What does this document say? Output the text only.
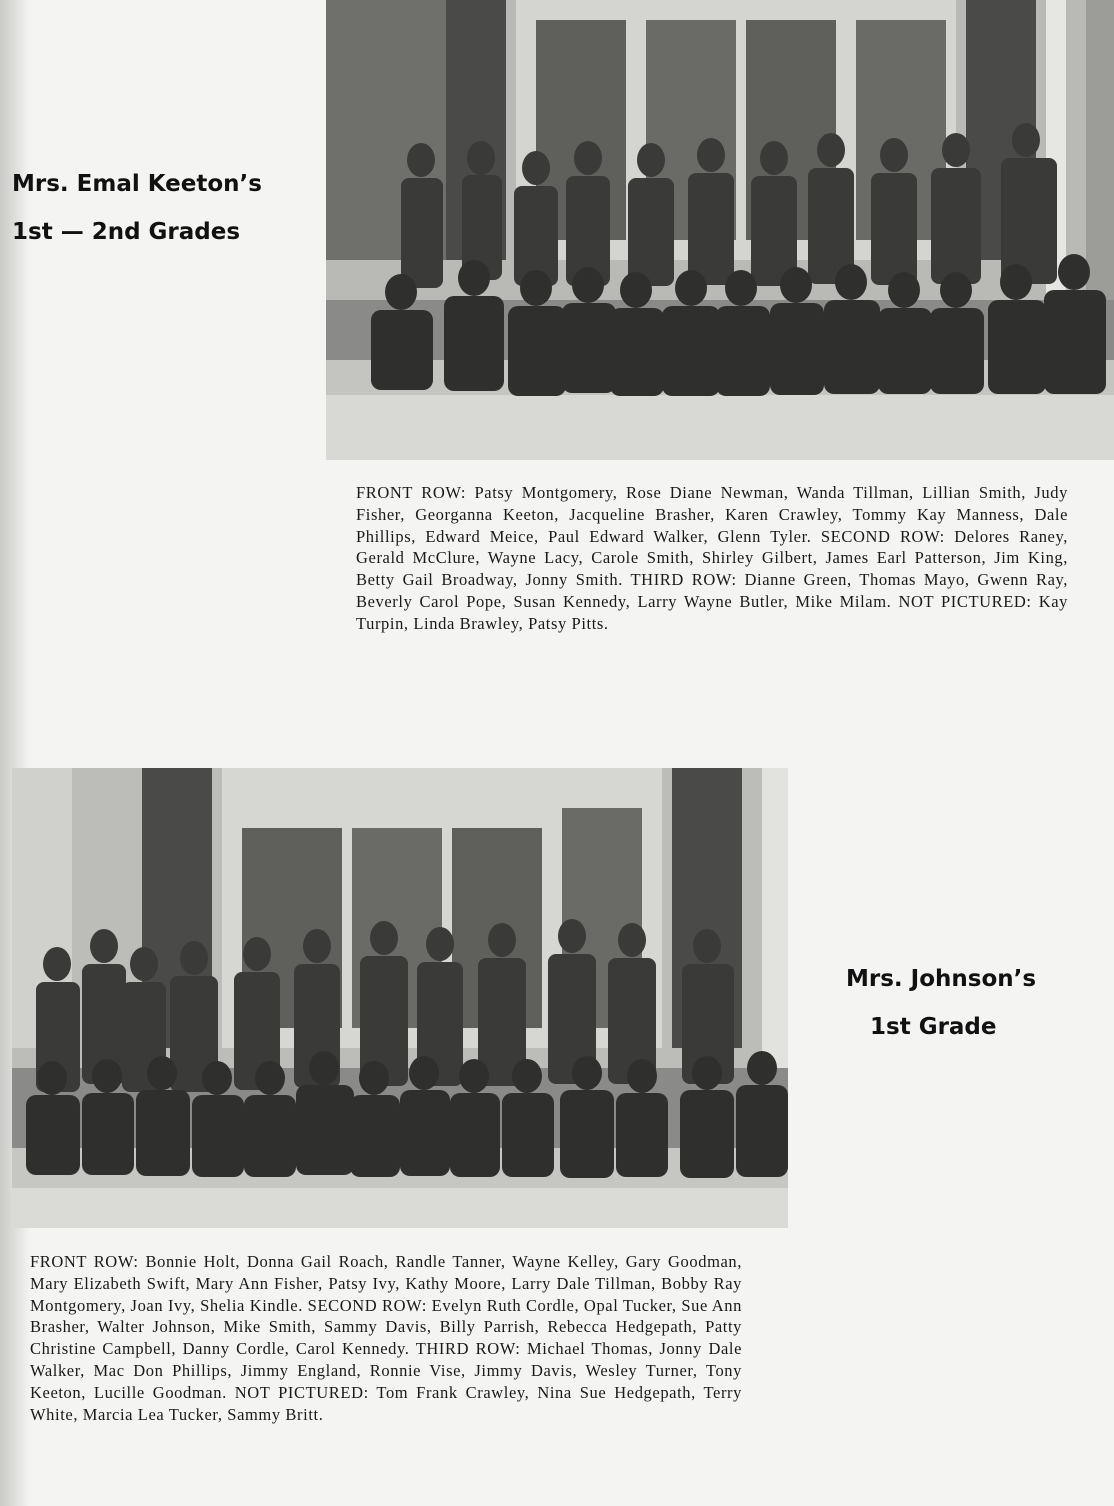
Mrs. Emal Keeton’s
1st — 2nd Grades
FRONT ROW: Patsy Montgomery, Rose Diane Newman, Wanda Tillman, Lillian Smith, Judy Fisher, Georganna Keeton, Jacqueline Brasher, Karen Crawley, Tommy Kay Manness, Dale Phillips, Edward Meice, Paul Edward Walker, Glenn Tyler. SECOND ROW: Delores Raney, Gerald McClure, Wayne Lacy, Carole Smith, Shirley Gilbert, James Earl Patterson, Jim King, Betty Gail Broadway, Jonny Smith. THIRD ROW: Dianne Green, Thomas Mayo, Gwenn Ray, Beverly Carol Pope, Susan Kennedy, Larry Wayne Butler, Mike Milam. NOT PICTURED: Kay Turpin, Linda Brawley, Patsy Pitts.
Mrs. Johnson’s
1st Grade
FRONT ROW: Bonnie Holt, Donna Gail Roach, Randle Tanner, Wayne Kelley, Gary Goodman, Mary Elizabeth Swift, Mary Ann Fisher, Patsy Ivy, Kathy Moore, Larry Dale Tillman, Bobby Ray Montgomery, Joan Ivy, Shelia Kindle. SECOND ROW: Evelyn Ruth Cordle, Opal Tucker, Sue Ann Brasher, Walter Johnson, Mike Smith, Sammy Davis, Billy Parrish, Rebecca Hedgepath, Patty Christine Campbell, Danny Cordle, Carol Kennedy. THIRD ROW: Michael Thomas, Jonny Dale Walker, Mac Don Phillips, Jimmy England, Ronnie Vise, Jimmy Davis, Wesley Turner, Tony Keeton, Lucille Goodman. NOT PICTURED: Tom Frank Crawley, Nina Sue Hedgepath, Terry White, Marcia Lea Tucker, Sammy Britt.
